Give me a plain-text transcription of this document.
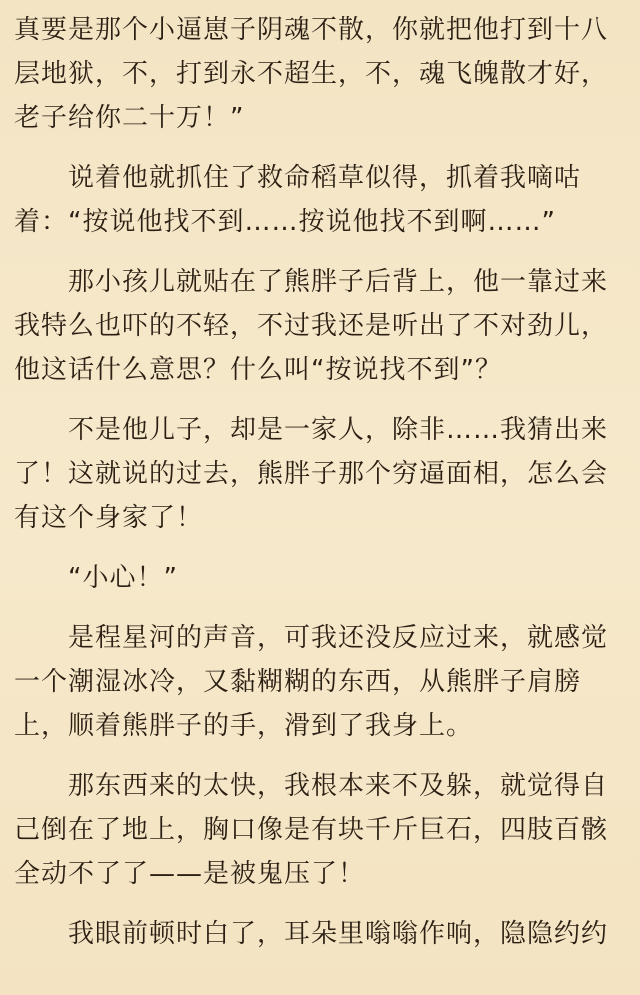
真要是那个小逼崽子阴魂不散，你就把他打到十八
层地狱，不，打到永不超生，不，魂飞魄散才好，
老子给你二十万！”

说着他就抓住了救命稻草似得，抓着我嘀咕
着：“按说他找不到……按说他找不到啊……”

那小孩儿就贴在了熊胖子后背上，他一靠过来
我特么也吓的不轻，不过我还是听出了不对劲儿，
他这话什么意思？什么叫“按说找不到”？

不是他儿子，却是一家人，除非……我猜出来
了！这就说的过去，熊胖子那个穷逼面相，怎么会
有这个身家了！

“小心！”

是程星河的声音，可我还没反应过来，就感觉
一个潮湿冰冷，又黏糊糊的东西，从熊胖子肩膀
上，顺着熊胖子的手，滑到了我身上。

那东西来的太快，我根本来不及躲，就觉得自
己倒在了地上，胸口像是有块千斤巨石，四肢百骸
全动不了了——是被鬼压了！

我眼前顿时白了，耳朵里嗡嗡作响，隐隐约约
